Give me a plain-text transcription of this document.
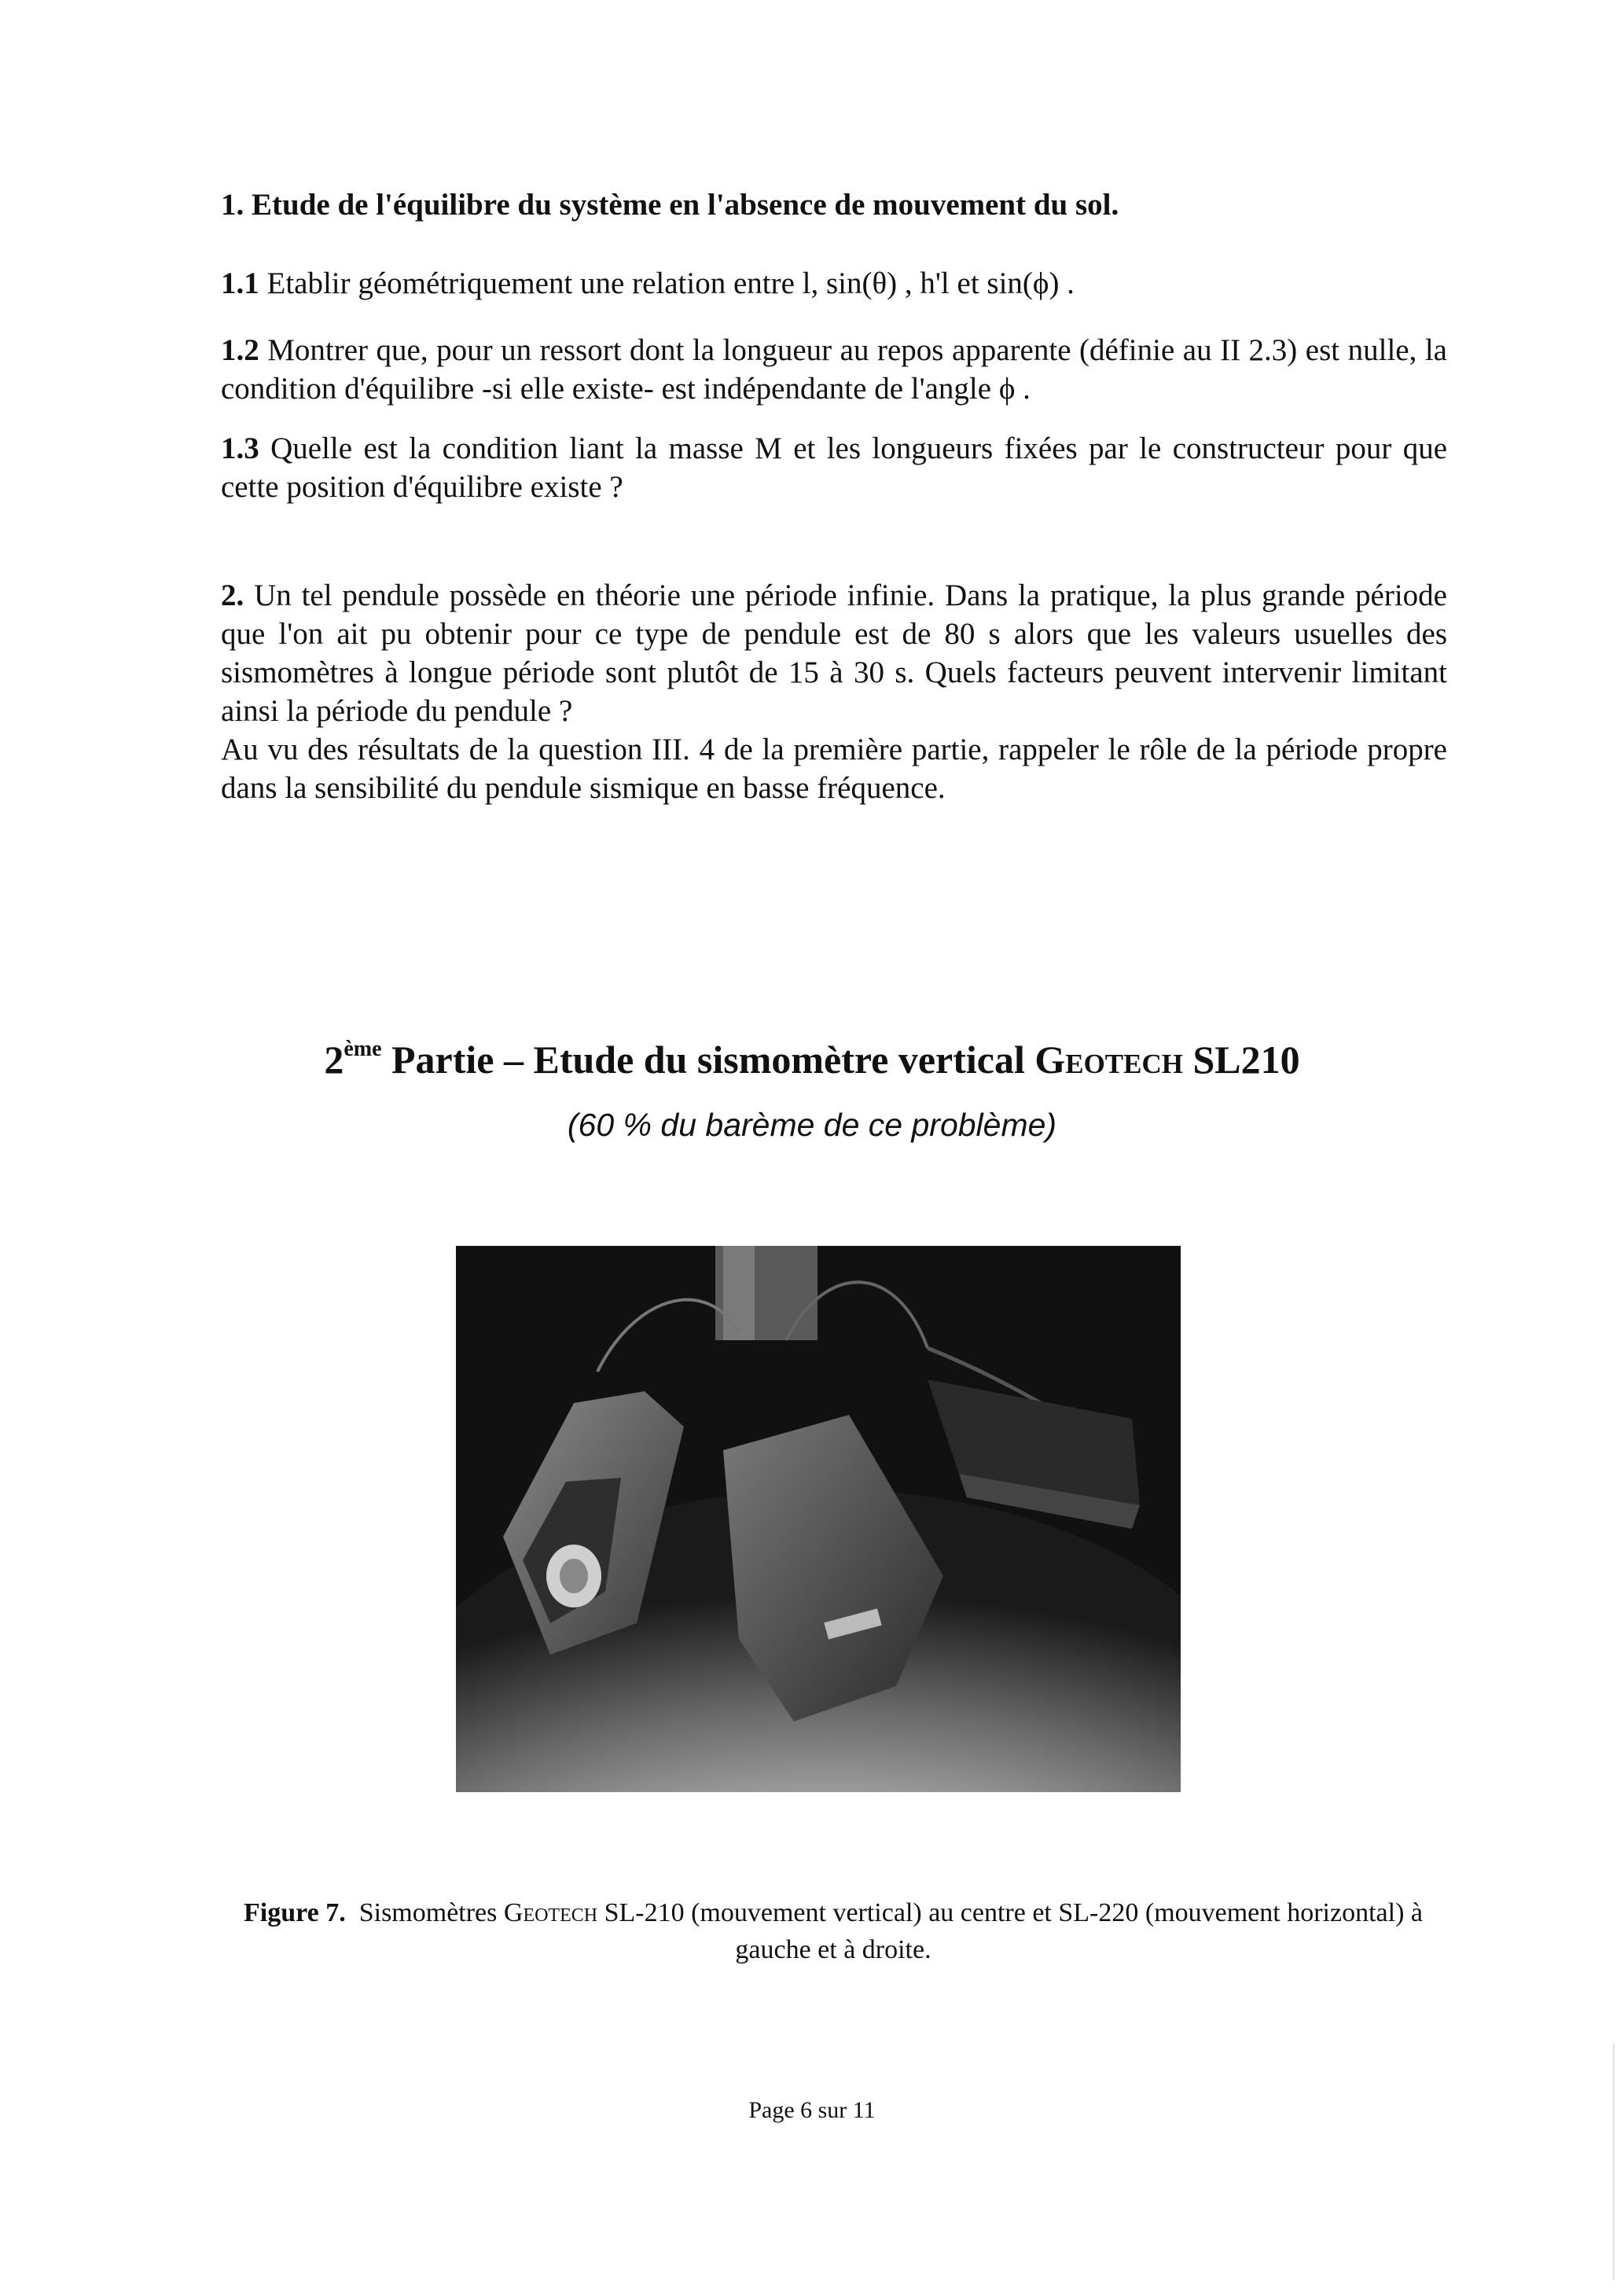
1. Etude de l'équilibre du système en l'absence de mouvement du sol.
1.1 Etablir géométriquement une relation entre l, sin(θ) , h'l et sin(ϕ) .
1.2 Montrer que, pour un ressort dont la longueur au repos apparente (définie au II 2.3) est nulle, la condition d'équilibre -si elle existe- est indépendante de l'angle ϕ .
1.3 Quelle est la condition liant la masse M et les longueurs fixées par le constructeur pour que cette position d'équilibre existe ?
2. Un tel pendule possède en théorie une période infinie. Dans la pratique, la plus grande période que l'on ait pu obtenir pour ce type de pendule est de 80 s alors que les valeurs usuelles des sismomètres à longue période sont plutôt de 15 à 30 s. Quels facteurs peuvent intervenir limitant ainsi la période du pendule ?
Au vu des résultats de la question III. 4 de la première partie, rappeler le rôle de la période propre dans la sensibilité du pendule sismique en basse fréquence.
2ème Partie – Etude du sismomètre vertical Geotech SL210
(60 % du barème de ce problème)
Figure 7. Sismomètres Geotech SL-210 (mouvement vertical) au centre et SL-220 (mouvement horizontal) à gauche et à droite.
Page 6 sur 11
